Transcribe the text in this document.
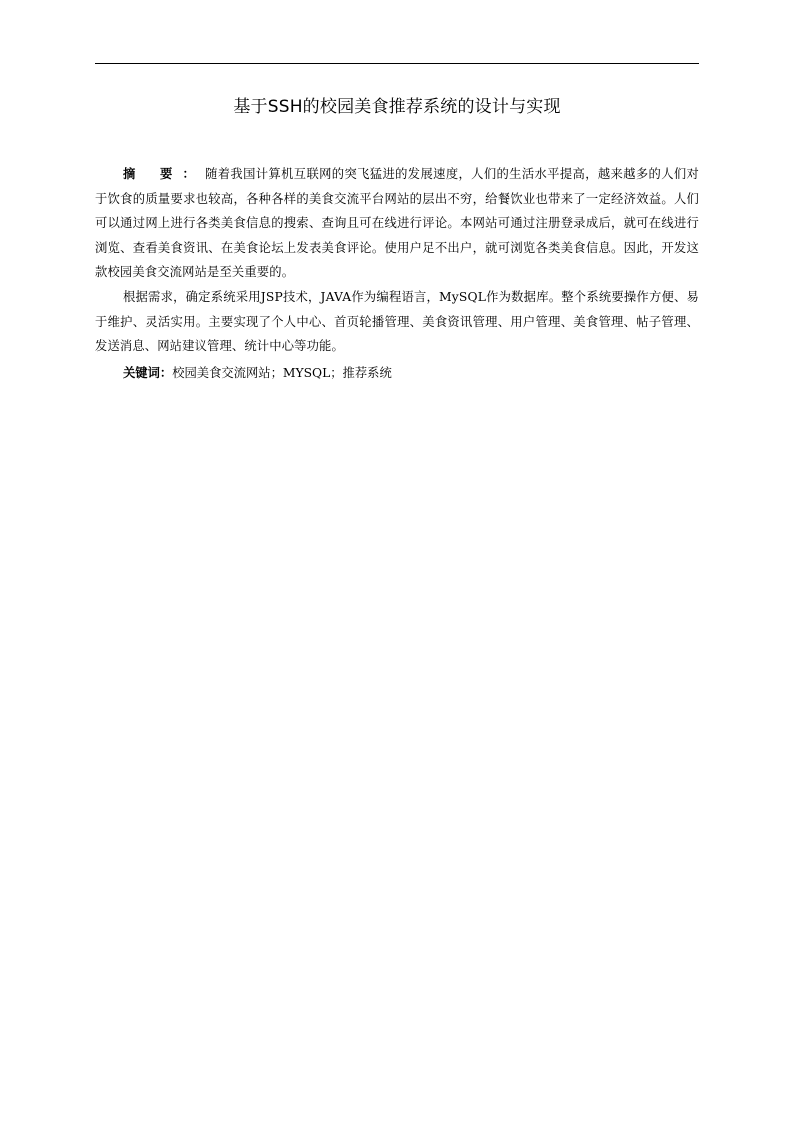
基于SSH的校园美食推荐系统的设计与实现

摘 要：随着我国计算机互联网的突飞猛进的发展速度，人们的生活水平提高，越来越多的人们对于饮食的质量要求也较高，各种各样的美食交流平台网站的层出不穷，给餐饮业也带来了一定经济效益。人们可以通过网上进行各类美食信息的搜索、查询且可在线进行评论。本网站可通过注册登录成后，就可在线进行浏览、查看美食资讯、在美食论坛上发表美食评论。使用户足不出户，就可浏览各类美食信息。因此，开发这款校园美食交流网站是至关重要的。

根据需求，确定系统采用JSP技术，JAVA作为编程语言，MySQL作为数据库。整个系统要操作方便、易于维护、灵活实用。主要实现了个人中心、首页轮播管理、美食资讯管理、用户管理、美食管理、帖子管理、发送消息、网站建议管理、统计中心等功能。

关键词：校园美食交流网站；MYSQL；推荐系统
